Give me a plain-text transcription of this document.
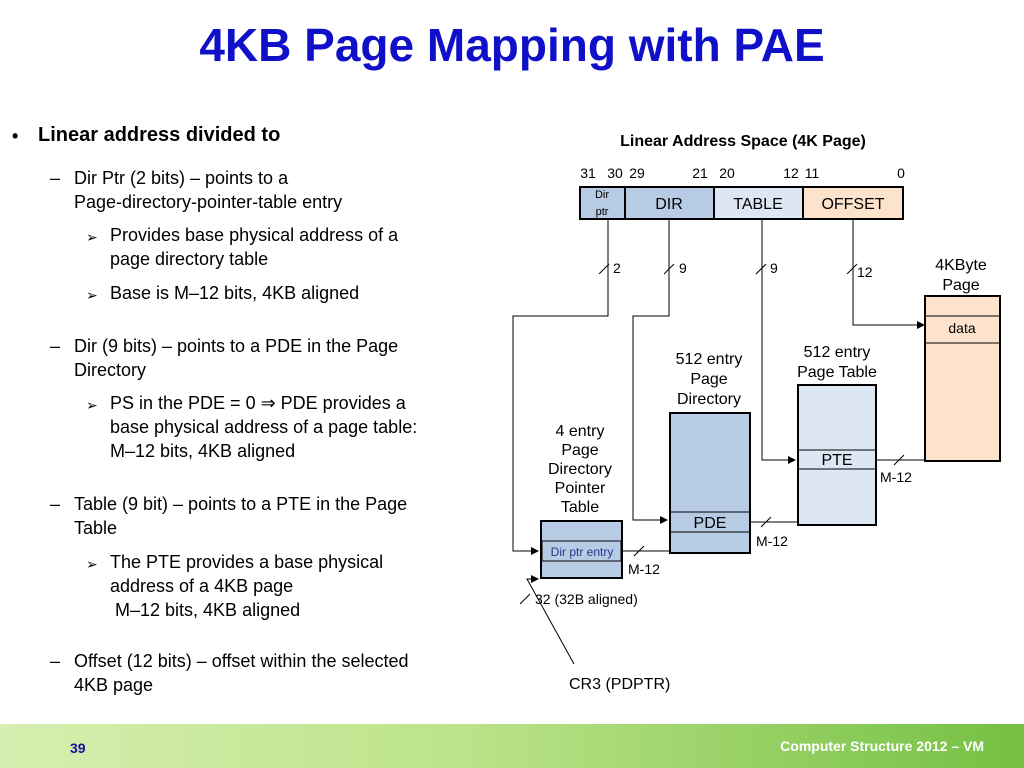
4KB Page Mapping with PAE
• Linear address divided to
– Dir Ptr (2 bits) – points to a
Page-directory-pointer-table entry
➢ Provides base physical address of a
page directory table
➢ Base is M–12 bits, 4KB aligned
– Dir (9 bits) – points to a PDE in the Page
Directory
➢ PS in the PDE = 0 ⇒ PDE provides a
base physical address of a page table:
M–12 bits, 4KB aligned
– Table (9 bit) – points to a PTE in the Page
Table
➢ The PTE provides a base physical
address of a 4KB page
M–12 bits, 4KB aligned
– Offset (12 bits) – offset within the selected
4KB page
Linear Address Space (4K Page)
31 30 29	21 20	12 11	0
Dir
ptr	DIR	TABLE OFFSET
2	9	9	12
4 entry
Page
Directory
Pointer
Table
Dir ptr entry
M-12
512 entry
Page
Directory
PDE
M-12
512 entry
Page Table
PTE
M-12
4KByte
Page
data
32 (32B aligned)
CR3 (PDPTR)
39	Computer Structure 2012 – VM
